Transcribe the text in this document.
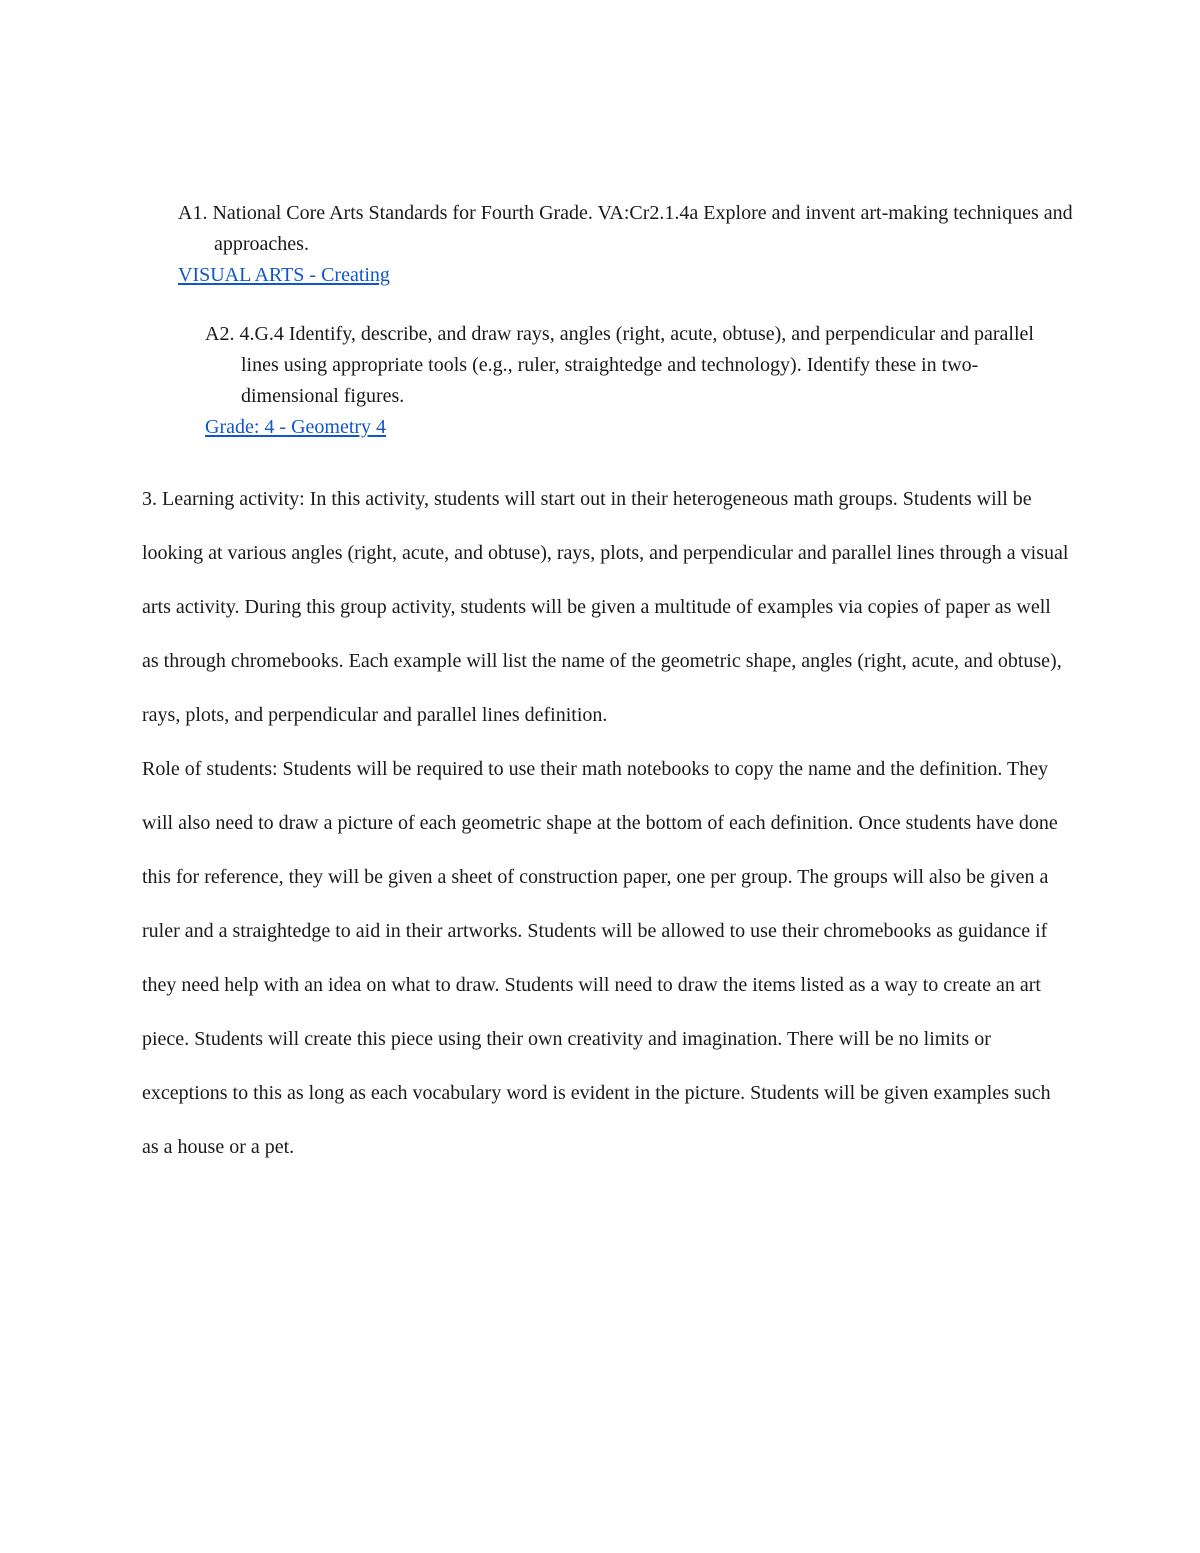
A1. National Core Arts Standards for Fourth Grade. VA:Cr2.1.4a Explore and invent art-making techniques and approaches.
VISUAL ARTS - Creating
A2. 4.G.4 Identify, describe, and draw rays, angles (right, acute, obtuse), and perpendicular and parallel lines using appropriate tools (e.g., ruler, straightedge and technology). Identify these in two-dimensional figures.
Grade: 4 - Geometry 4

3. Learning activity: In this activity, students will start out in their heterogeneous math groups. Students will be looking at various angles (right, acute, and obtuse), rays, plots, and perpendicular and parallel lines through a visual arts activity. During this group activity, students will be given a multitude of examples via copies of paper as well as through chromebooks. Each example will list the name of the geometric shape, angles (right, acute, and obtuse), rays, plots, and perpendicular and parallel lines definition.

Role of students: Students will be required to use their math notebooks to copy the name and the definition. They will also need to draw a picture of each geometric shape at the bottom of each definition. Once students have done this for reference, they will be given a sheet of construction paper, one per group. The groups will also be given a ruler and a straightedge to aid in their artworks. Students will be allowed to use their chromebooks as guidance if they need help with an idea on what to draw. Students will need to draw the items listed as a way to create an art piece. Students will create this piece using their own creativity and imagination. There will be no limits or exceptions to this as long as each vocabulary word is evident in the picture. Students will be given examples such as a house or a pet.
